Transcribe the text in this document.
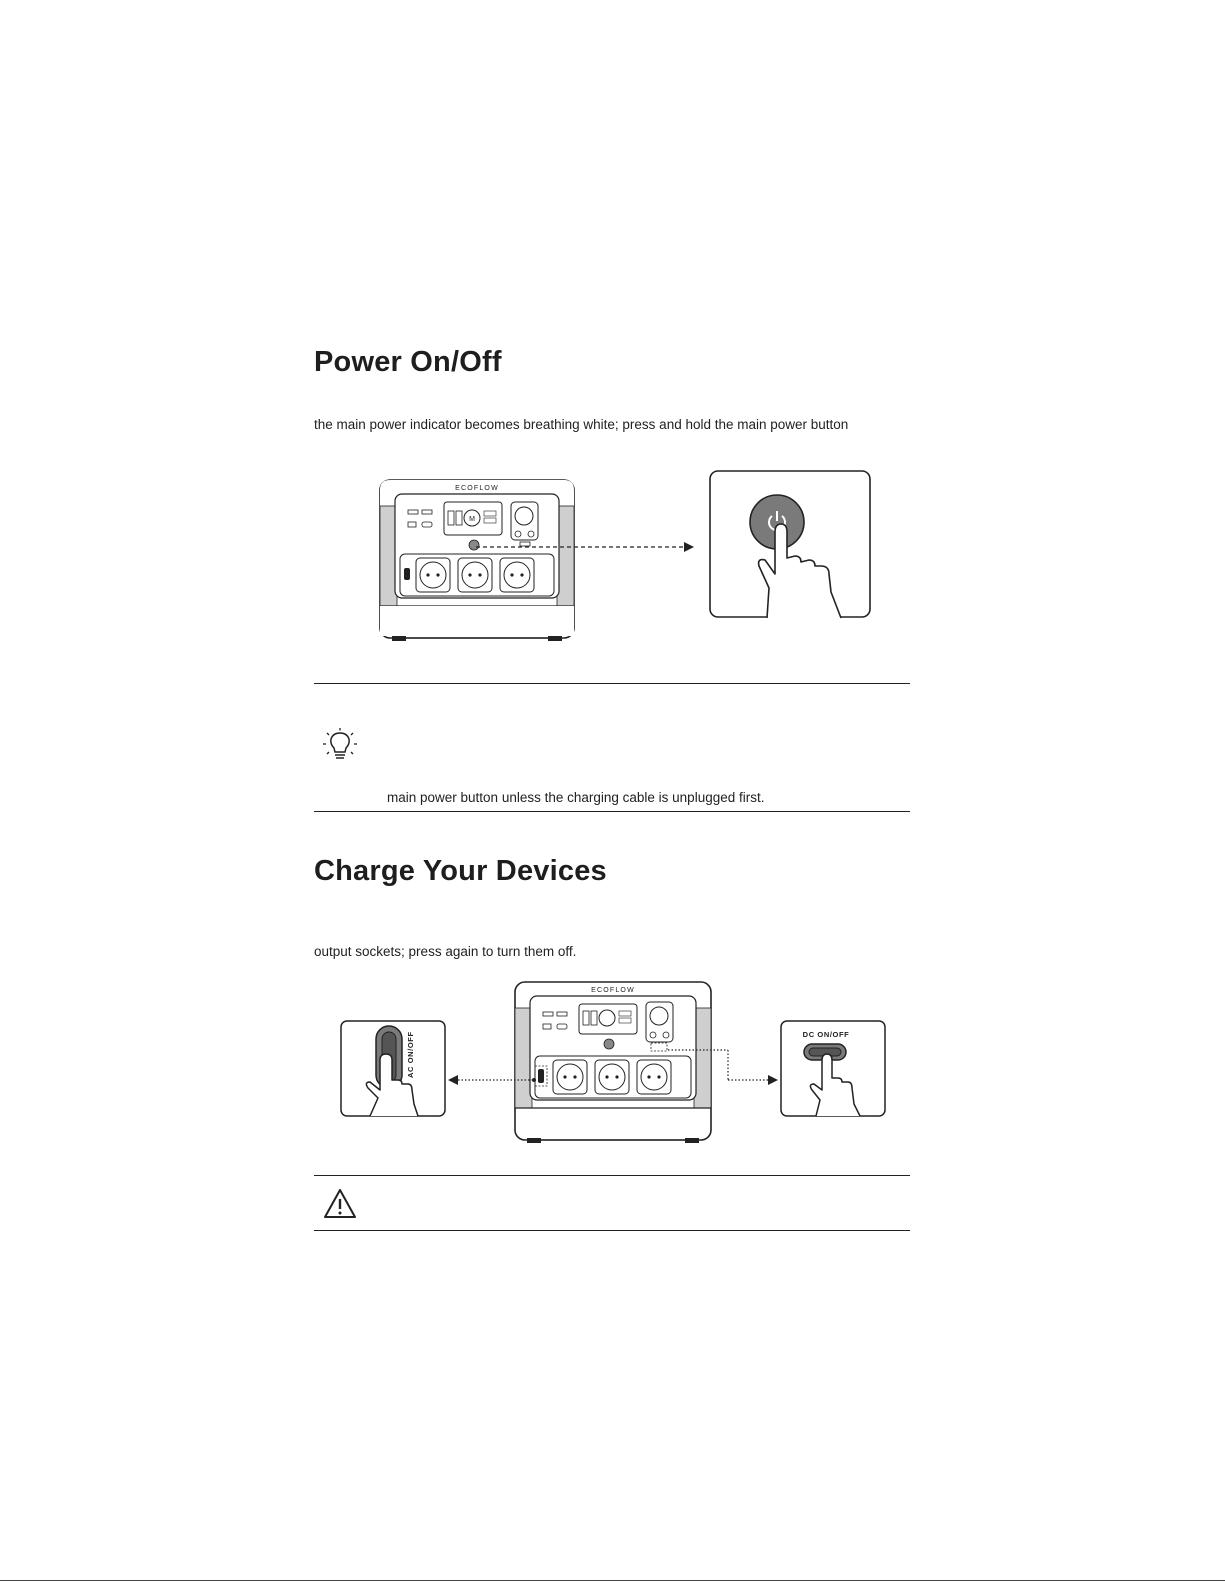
Power On/Off
the main power indicator becomes breathing white; press and hold the main power button
ECOFLOW
M
main power button unless the charging cable is unplugged first.
Charge Your Devices
output sockets; press again to turn them off.
ECOFLOW
AC ON/OFF	DC ON/OFF
